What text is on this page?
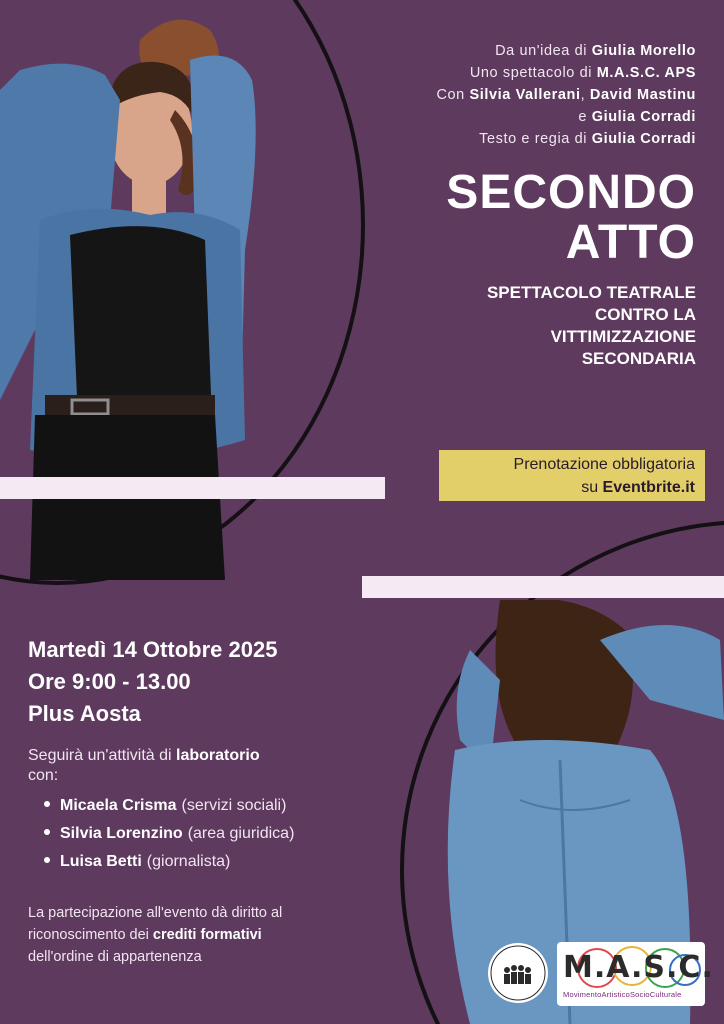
Da un'idea di Giulia Morello
Uno spettacolo di M.A.S.C. APS
Con Silvia Vallerani, David Mastinu
e Giulia Corradi
Testo e regia di Giulia Corradi
SECONDO
ATTO
SPETTACOLO TEATRALE
CONTRO LA
VITTIMIZZAZIONE
SECONDARIA
Prenotazione obbligatoria
su Eventbrite.it
Martedì 14 Ottobre 2025
Ore 9:00 - 13.00
Plus Aosta
Seguirà un'attività di laboratorio
con:
Micaela Crisma (servizi sociali)
Silvia Lorenzino (area giuridica)
Luisa Betti (giornalista)
La partecipazione all'evento dà diritto al
riconoscimento dei crediti formativi
dell'ordine di appartenenza	M.A.S.C.
MovimentoArtisticoSocioCulturale
